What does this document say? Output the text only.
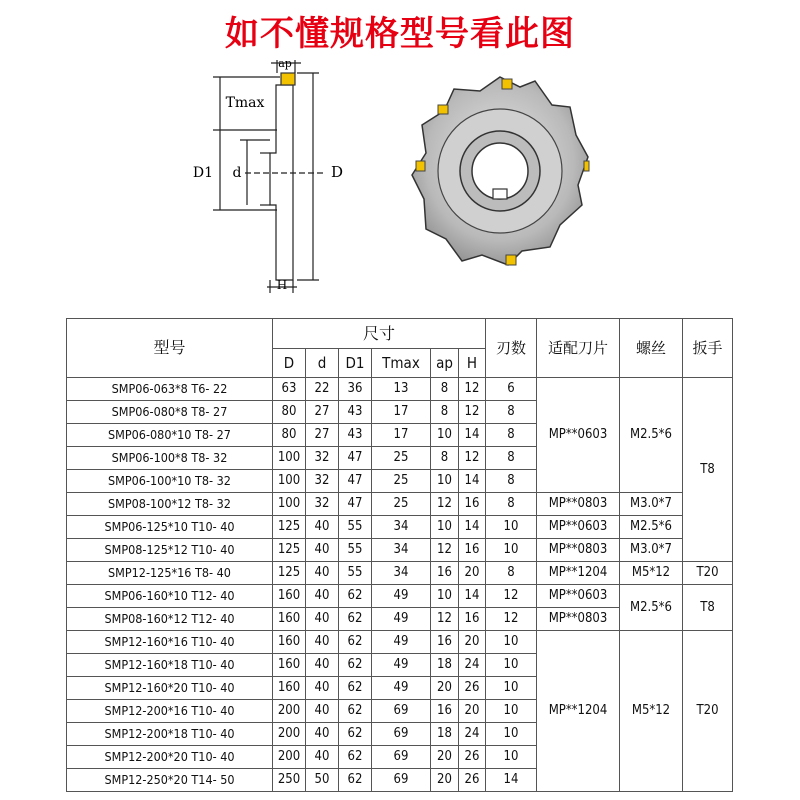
如不懂规格型号看此图
ap
Tmax
D1 d	D
H
型号	尺寸						刃数	适配刀片	螺丝	扳手
	D	d	D1	Tmax	ap	H				
SMP06-063*8 T6- 22	63	22	36	13	8	12	6	MP**0603	M2.5*6	T8
SMP06-080*8 T8- 27	80	27	43	17	8	12	8			
SMP06-080*10 T8- 27	80	27	43	17	10	14	8			
SMP06-100*8 T8- 32	100	32	47	25	8	12	8			
SMP06-100*10 T8- 32	100	32	47	25	10	14	8			
SMP08-100*12 T8- 32	100	32	47	25	12	16	8	MP**0803	M3.0*7	
SMP06-125*10 T10- 40	125	40	55	34	10	14	10	MP**0603	M2.5*6	
SMP08-125*12 T10- 40	125	40	55	34	12	16	10	MP**0803	M3.0*7	
SMP12-125*16 T8- 40	125	40	55	34	16	20	8	MP**1204	M5*12	T20
SMP06-160*10 T12- 40	160	40	62	49	10	14	12	MP**0603	M2.5*6	T8
SMP08-160*12 T12- 40	160	40	62	49	12	16	12	MP**0803		
SMP12-160*16 T10- 40	160	40	62	49	16	20	10	MP**1204	M5*12	T20
SMP12-160*18 T10- 40	160	40	62	49	18	24	10			
SMP12-160*20 T10- 40	160	40	62	49	20	26	10			
SMP12-200*16 T10- 40	200	40	62	69	16	20	10			
SMP12-200*18 T10- 40	200	40	62	69	18	24	10			
SMP12-200*20 T10- 40	200	40	62	69	20	26	10			
SMP12-250*20 T14- 50	250	50	62	69	20	26	14			
